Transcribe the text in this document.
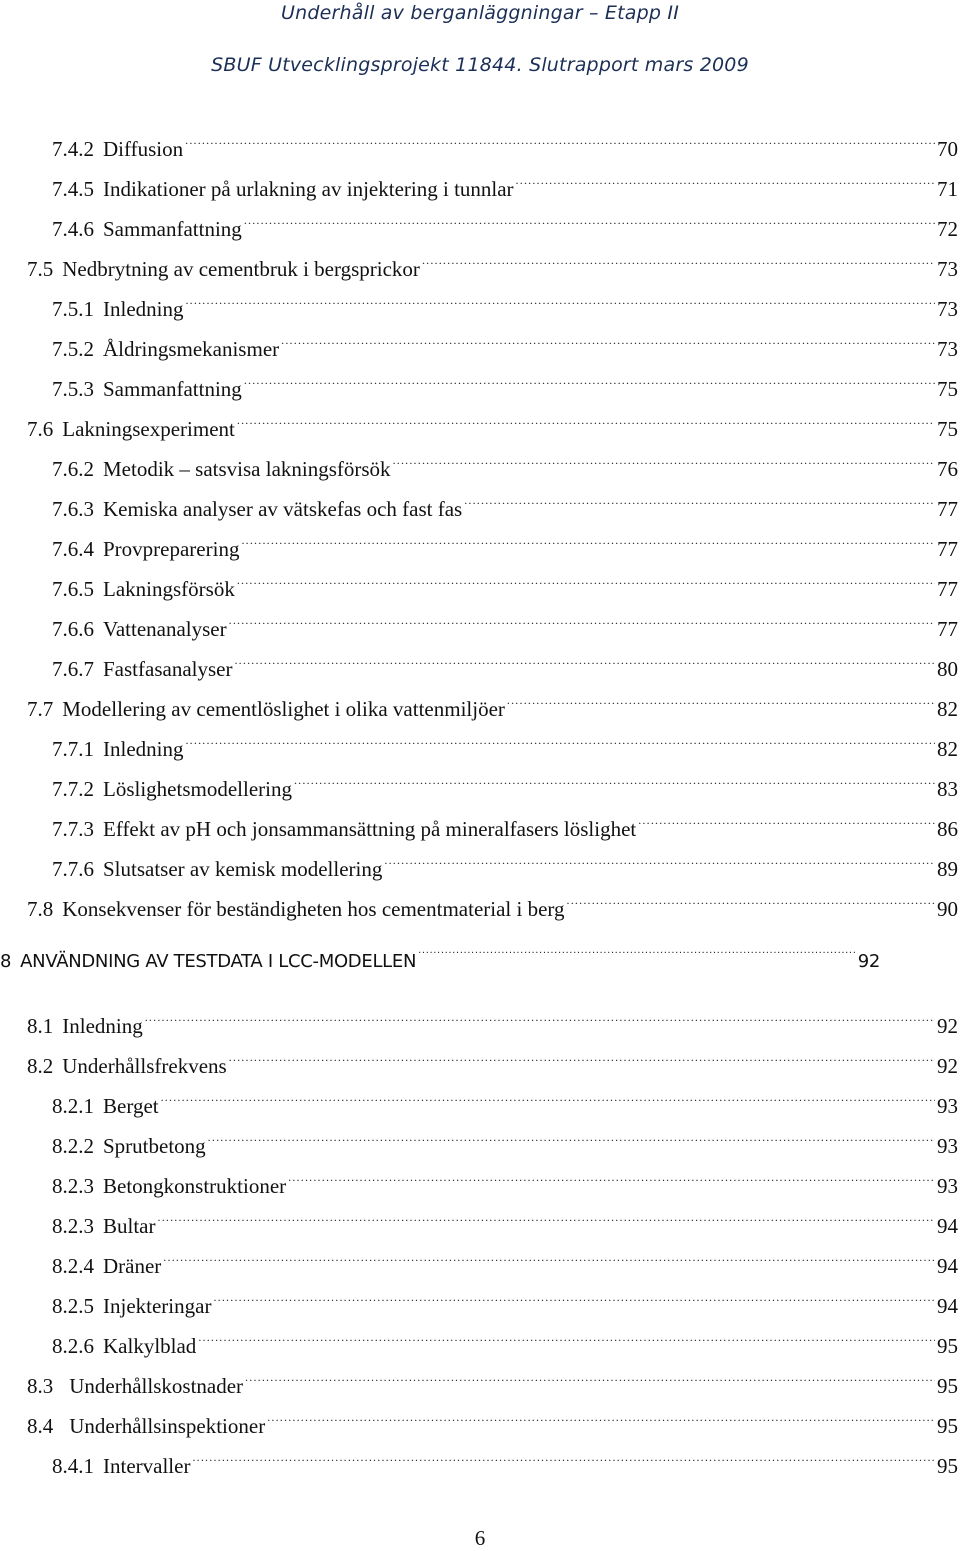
Underhåll av berganläggningar – Etapp II
SBUF Utvecklingsprojekt 11844. Slutrapport mars 2009
7.4.2 Diffusion .....	70
7.4.5 Indikationer på urlakning av injektering i tunnlar .....	71
7.4.6 Sammanfattning .....	72
7.5 Nedbrytning av cementbruk i bergsprickor .....	73
7.5.1 Inledning .....	73
7.5.2 Åldringsmekanismer .....	73
7.5.3 Sammanfattning .....	75
7.6 Lakningsexperiment .....	75
7.6.2 Metodik – satsvisa lakningsförsök .....	76
7.6.3 Kemiska analyser av vätskefas och fast fas .....	77
7.6.4 Provpreparering .....	77
7.6.5 Lakningsförsök .....	77
7.6.6 Vattenanalyser .....	77
7.6.7 Fastfasanalyser .....	80
7.7 Modellering av cementlöslighet i olika vattenmiljöer .....	82
7.7.1 Inledning .....	82
7.7.2 Löslighetsmodellering .....	83
7.7.3 Effekt av pH och jonsammansättning på mineralfasers löslighet .....	86
7.7.6 Slutsatser av kemisk modellering .....	89
7.8 Konsekvenser för beständigheten hos cementmaterial i berg .....	90
8 ANVÄNDNING AV TESTDATA I LCC-MODELLEN .....	92
8.1 Inledning .....	92
8.2 Underhållsfrekvens .....	92
8.2.1 Berget .....	93
8.2.2 Sprutbetong .....	93
8.2.3 Betongkonstruktioner .....	93
8.2.3 Bultar .....	94
8.2.4 Dräner .....	94
8.2.5 Injekteringar .....	94
8.2.6 Kalkylblad .....	95
8.3 Underhållskostnader .....	95
8.4 Underhållsinspektioner .....	95
8.4.1 Intervaller .....	95
6
